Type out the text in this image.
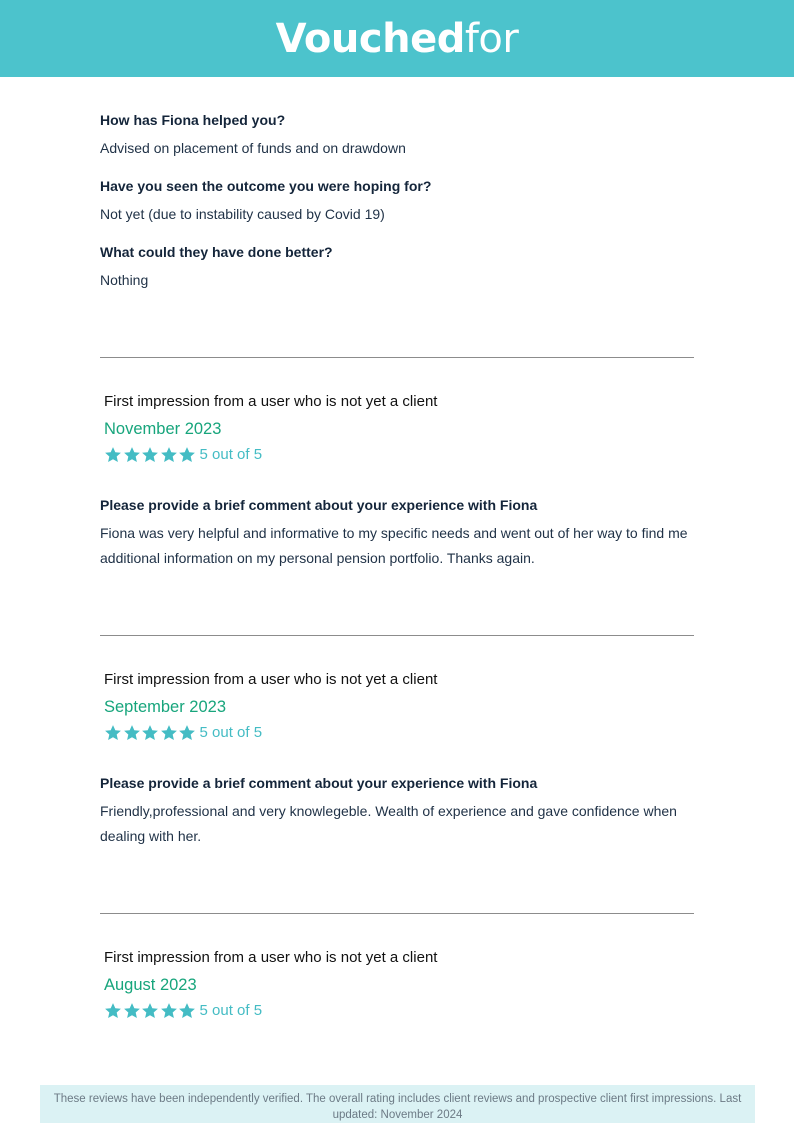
Vouchedfor

How has Fiona helped you?

Advised on placement of funds and on drawdown

Have you seen the outcome you were hoping for?

Not yet (due to instability caused by Covid 19)

What could they have done better?

Nothing

First impression from a user who is not yet a client

November 2023

5 out of 5

Please provide a brief comment about your experience with Fiona

Fiona was very helpful and informative to my specific needs and went out of her way to find me additional information on my personal pension portfolio. Thanks again.

First impression from a user who is not yet a client

September 2023

5 out of 5

Please provide a brief comment about your experience with Fiona

Friendly,professional and very knowlegeble. Wealth of experience and gave confidence when dealing with her.

First impression from a user who is not yet a client

August 2023

5 out of 5
These reviews have been independently verified. The overall rating includes client reviews and prospective client first impressions. Last updated: November 2024
